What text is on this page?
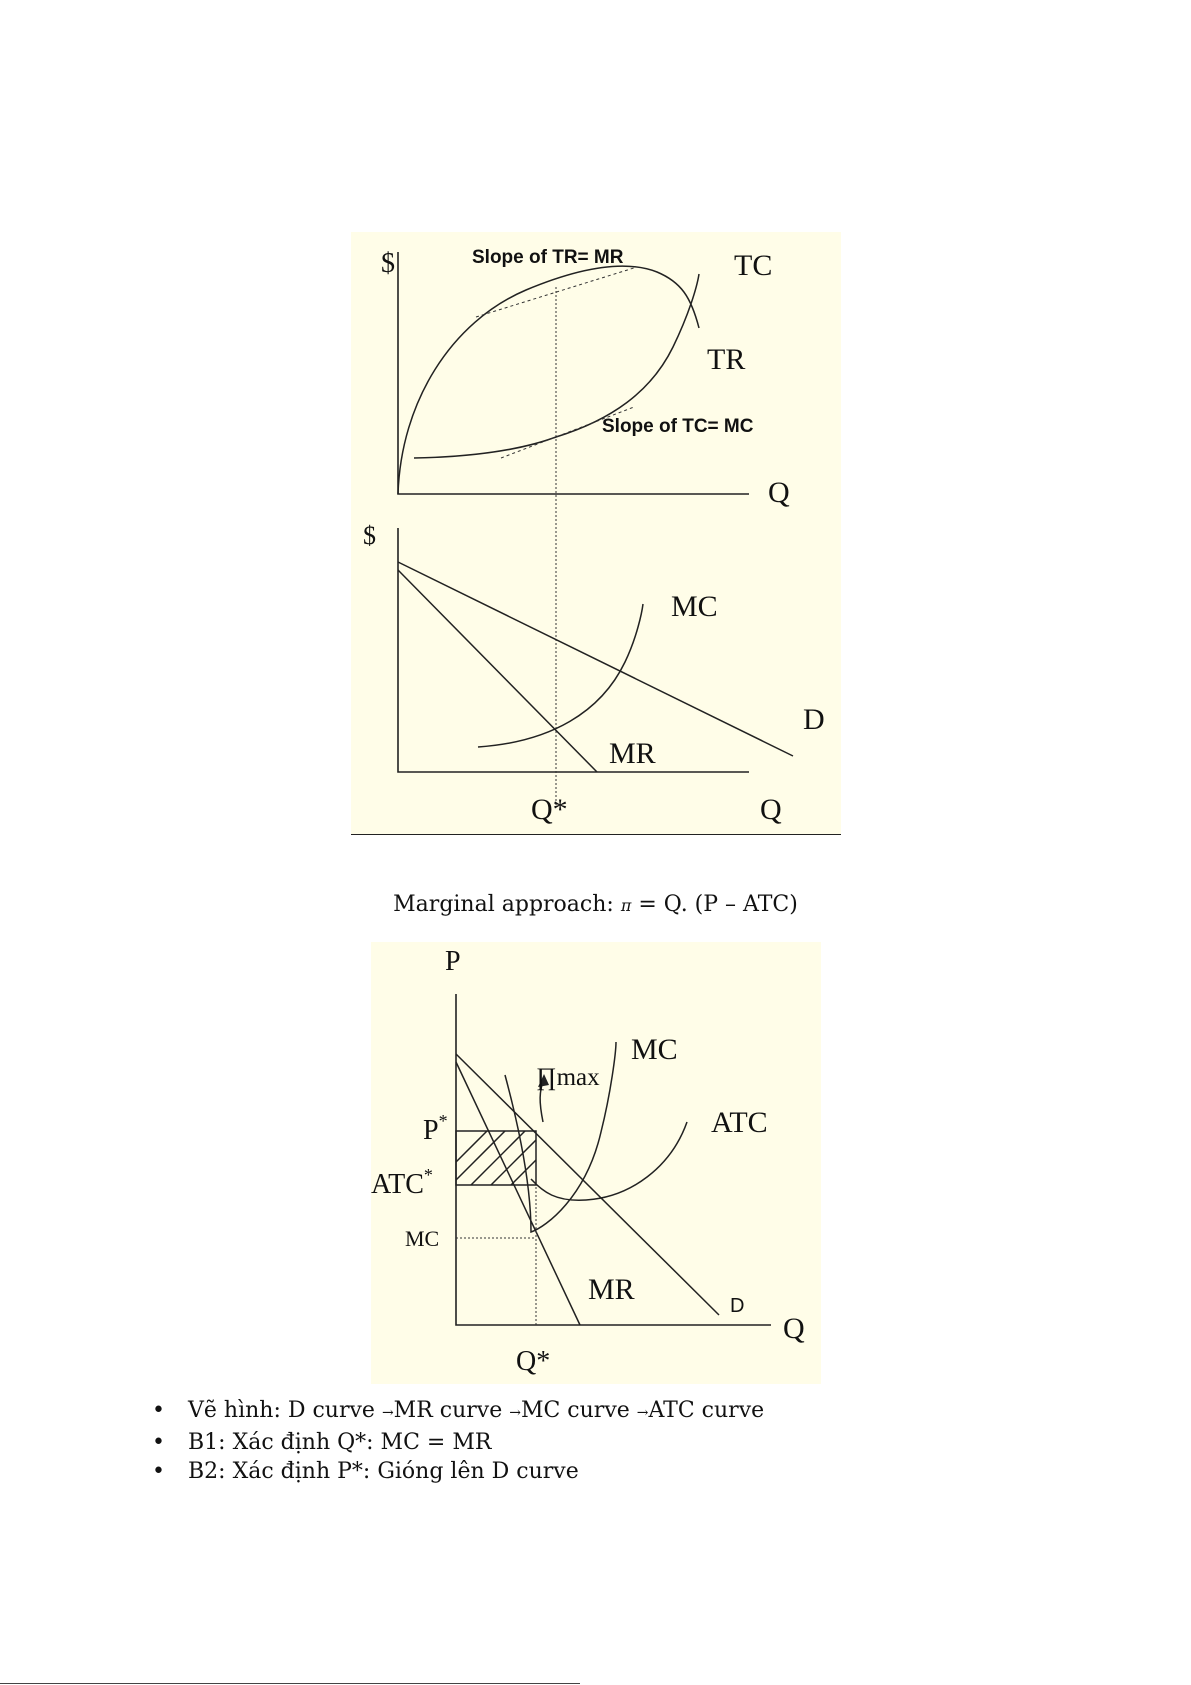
$	Slope of TR= MR	TC
TR
Slope of TC= MC
Q
$
MC
D
MR
Q*	Q
Marginal approach: π = Q. (P – ATC)
P
MC
∏max
P*	ATC
ATC*
MC
MR	D
Q
Q*
• Vẽ hình: D curve →MR curve →MC curve →ATC curve
• B1: Xác định Q*: MC = MR
• B2: Xác định P*: Gióng lên D curve
